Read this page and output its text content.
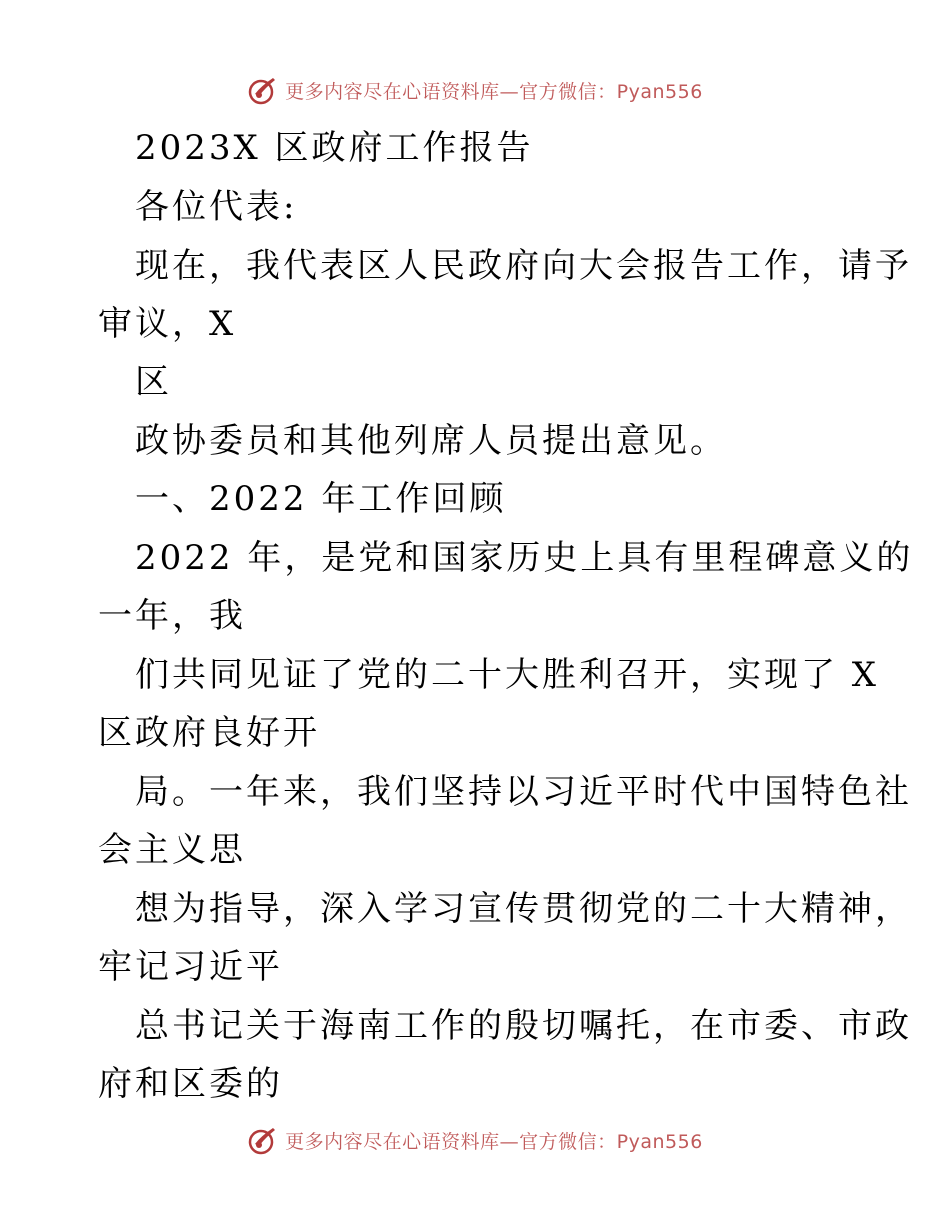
更多内容尽在心语资料库—官方微信：Pyan556
2023X 区政府工作报告
各位代表:
现在，我代表区人民政府向大会报告工作，请予
审议，X
区
政协委员和其他列席人员提出意见。
一、2022 年工作回顾
2022 年，是党和国家历史上具有里程碑意义的
一年，我
们共同见证了党的二十大胜利召开，实现了 X
区政府良好开
局。一年来，我们坚持以习近平时代中国特色社
会主义思
想为指导，深入学习宣传贯彻党的二十大精神，
牢记习近平
总书记关于海南工作的殷切嘱托，在市委、市政
府和区委的
更多内容尽在心语资料库—官方微信：Pyan556
